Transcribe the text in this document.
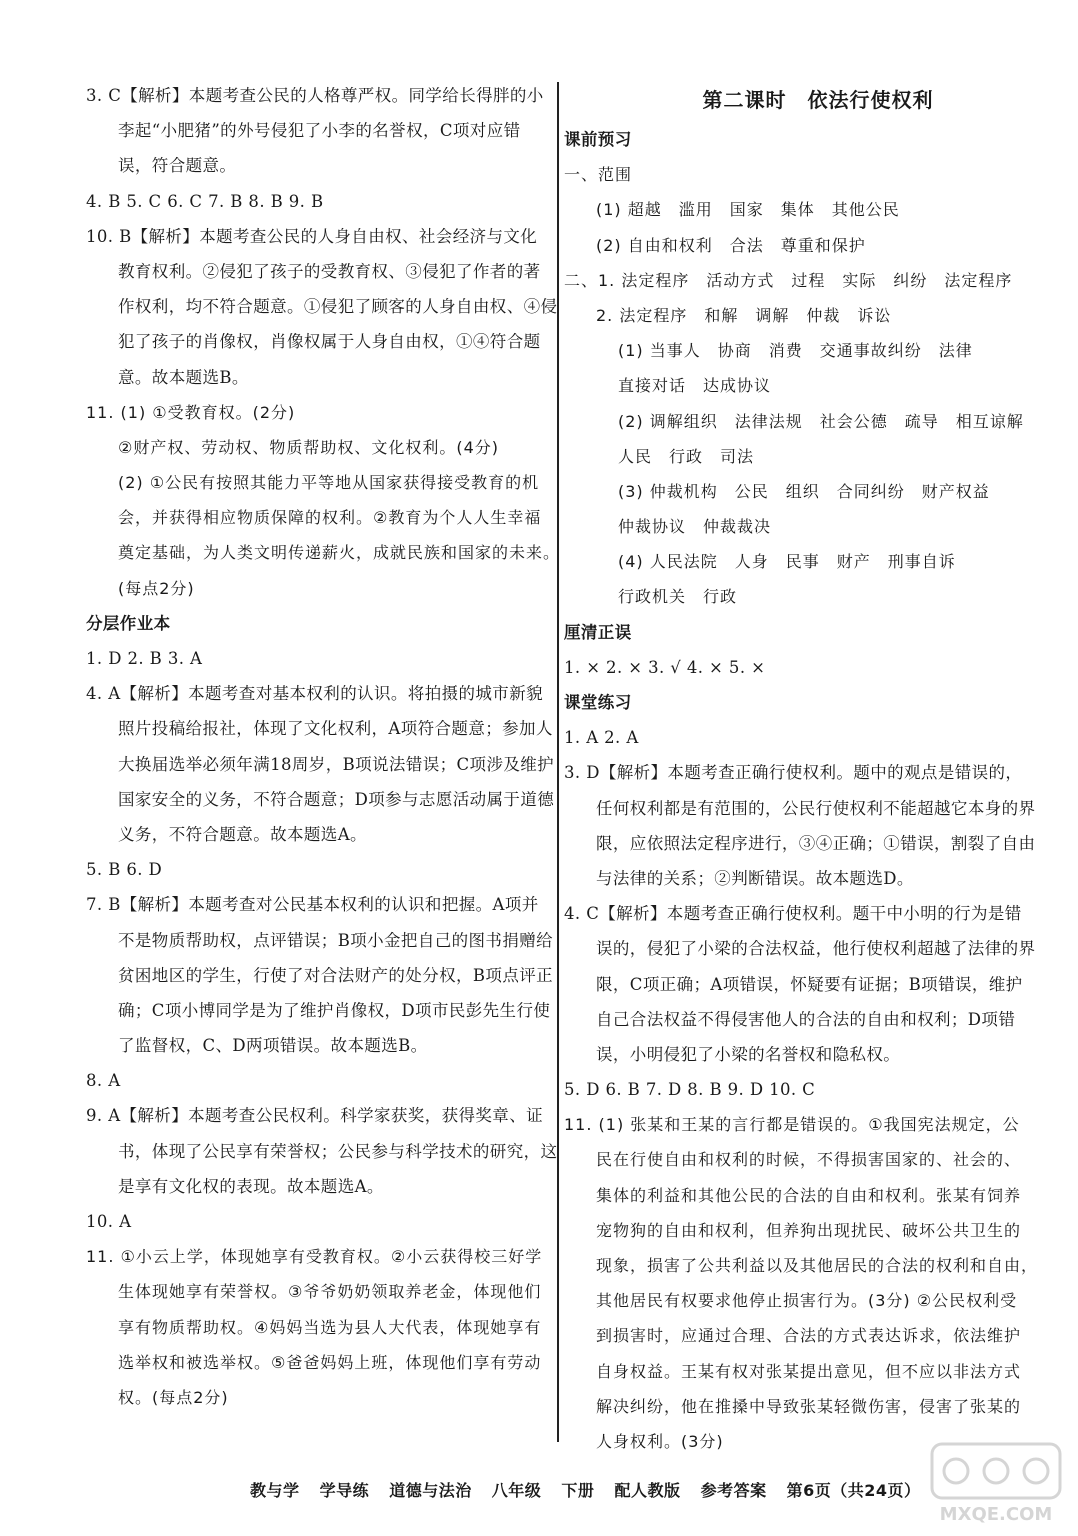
3. C【解析】本题考查公民的人格尊严权。同学给长得胖的小
李起“小肥猪”的外号侵犯了小李的名誉权，C项对应错
误，符合题意。
4. B 5. C 6. C 7. B 8. B 9. B
10. B【解析】本题考查公民的人身自由权、社会经济与文化
教育权利。②侵犯了孩子的受教育权、③侵犯了作者的著
作权利，均不符合题意。①侵犯了顾客的人身自由权、④侵
犯了孩子的肖像权，肖像权属于人身自由权，①④符合题
意。故本题选B。
11. (1) ①受教育权。(2分)
②财产权、劳动权、物质帮助权、文化权利。(4分)
(2) ①公民有按照其能力平等地从国家获得接受教育的机
会，并获得相应物质保障的权利。②教育为个人人生幸福
奠定基础，为人类文明传递薪火，成就民族和国家的未来。
(每点2分)
分层作业本
1. D 2. B 3. A
4. A【解析】本题考查对基本权利的认识。将拍摄的城市新貌
照片投稿给报社，体现了文化权利，A项符合题意；参加人
大换届选举必须年满18周岁，B项说法错误；C项涉及维护
国家安全的义务，不符合题意；D项参与志愿活动属于道德
义务，不符合题意。故本题选A。
5. B 6. D
7. B【解析】本题考查对公民基本权利的认识和把握。A项并
不是物质帮助权，点评错误；B项小金把自己的图书捐赠给
贫困地区的学生，行使了对合法财产的处分权，B项点评正
确；C项小博同学是为了维护肖像权，D项市民彭先生行使
了监督权，C、D两项错误。故本题选B。
8. A
9. A【解析】本题考查公民权利。科学家获奖，获得奖章、证
书，体现了公民享有荣誉权；公民参与科学技术的研究，这
是享有文化权的表现。故本题选A。
10. A
11. ①小云上学，体现她享有受教育权。②小云获得校三好学
生体现她享有荣誉权。③爷爷奶奶领取养老金，体现他们
享有物质帮助权。④妈妈当选为县人大代表，体现她享有
选举权和被选举权。⑤爸爸妈妈上班，体现他们享有劳动
权。(每点2分)
第二课时　依法行使权利
课前预习
一、范围
(1) 超越　滥用　国家　集体　其他公民
(2) 自由和权利　合法　尊重和保护
二、1. 法定程序　活动方式　过程　实际　纠纷　法定程序
2. 法定程序　和解　调解　仲裁　诉讼
(1) 当事人　协商　消费　交通事故纠纷　法律
直接对话　达成协议
(2) 调解组织　法律法规　社会公德　疏导　相互谅解
人民　行政　司法
(3) 仲裁机构　公民　组织　合同纠纷　财产权益
仲裁协议　仲裁裁决
(4) 人民法院　人身　民事　财产　刑事自诉
行政机关　行政
厘清正误
1. × 2. × 3. √ 4. × 5. ×
课堂练习
1. A 2. A
3. D【解析】本题考查正确行使权利。题中的观点是错误的，
任何权利都是有范围的，公民行使权利不能超越它本身的界
限，应依照法定程序进行，③④正确；①错误，割裂了自由
与法律的关系；②判断错误。故本题选D。
4. C【解析】本题考查正确行使权利。题干中小明的行为是错
误的，侵犯了小梁的合法权益，他行使权利超越了法律的界
限，C项正确；A项错误，怀疑要有证据；B项错误，维护
自己合法权益不得侵害他人的合法的自由和权利；D项错
误，小明侵犯了小梁的名誉权和隐私权。
5. D 6. B 7. D 8. B 9. D 10. C
11. (1) 张某和王某的言行都是错误的。①我国宪法规定，公
民在行使自由和权利的时候，不得损害国家的、社会的、
集体的利益和其他公民的合法的自由和权利。张某有饲养
宠物狗的自由和权利，但养狗出现扰民、破坏公共卫生的
现象，损害了公共利益以及其他居民的合法的权利和自由，
其他居民有权要求他停止损害行为。(3分) ②公民权利受
到损害时，应通过合理、合法的方式表达诉求，依法维护
自身权益。王某有权对张某提出意见，但不应以非法方式
解决纠纷，他在推搡中导致张某轻微伤害，侵害了张某的
人身权利。(3分)
教与学 学导练 道德与法治 八年级 下册 配人教版 参考答案 第6页（共24页）
MXQE.COM
